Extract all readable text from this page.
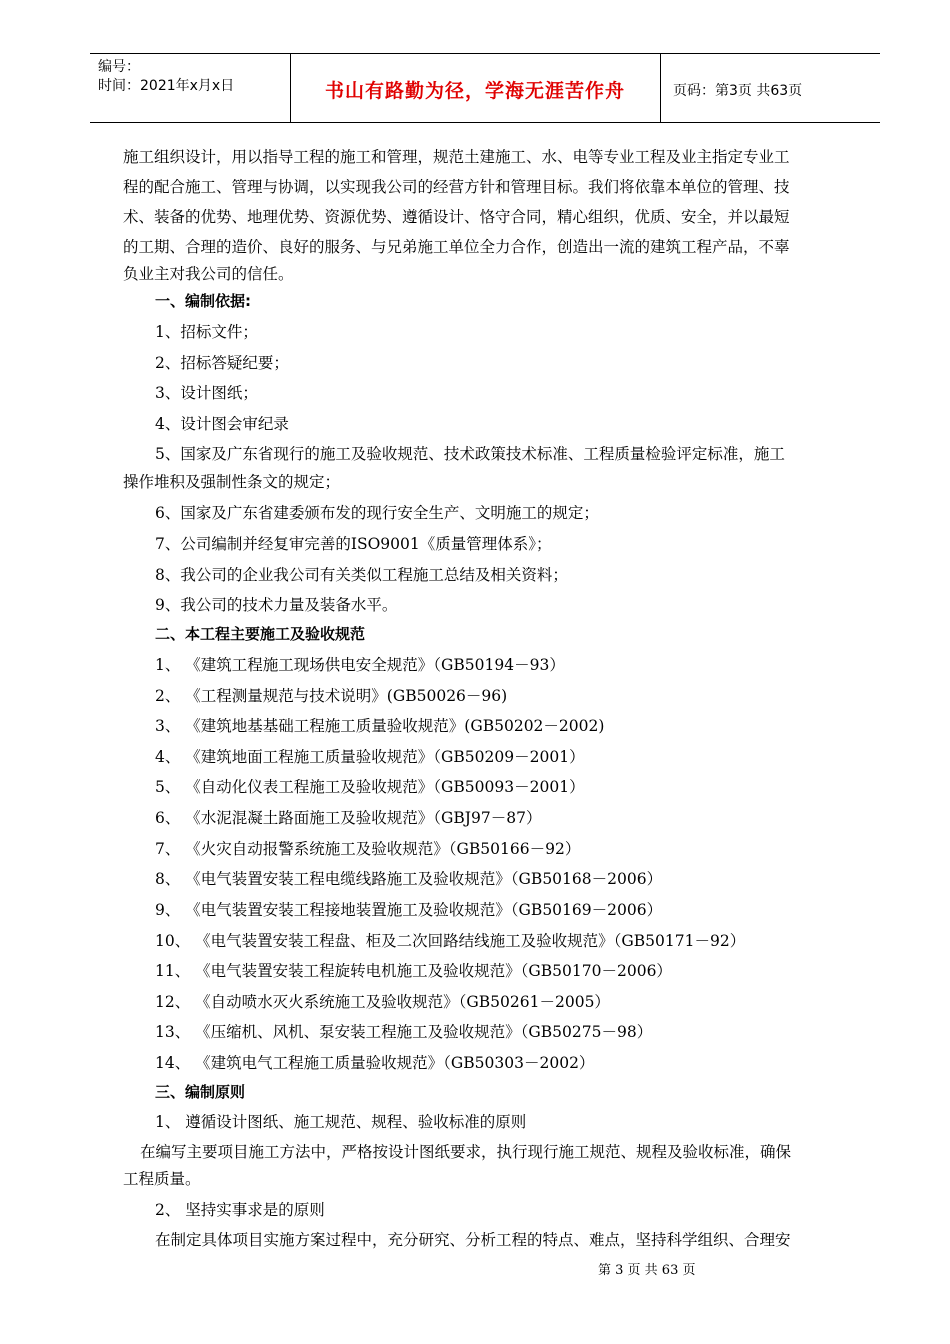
编号：
时间：2021年x月x日	书山有路勤为径，学海无涯苦作舟	页码：第3页 共63页
施工组织设计，用以指导工程的施工和管理，规范土建施工、水、电等专业工程及业主指定专业工
程的配合施工、管理与协调，以实现我公司的经营方针和管理目标。我们将依靠本单位的管理、技
术、装备的优势、地理优势、资源优势、遵循设计、恪守合同，精心组织，优质、安全，并以最短
的工期、合理的造价、良好的服务、与兄弟施工单位全力合作，创造出一流的建筑工程产品，不辜
负业主对我公司的信任。
一、编制依据:
1、招标文件；
2、招标答疑纪要；
3、设计图纸；
4、设计图会审纪录
5、国家及广东省现行的施工及验收规范、技术政策技术标准、工程质量检验评定标准，施工
操作堆积及强制性条文的规定；
6、国家及广东省建委颁布发的现行安全生产、文明施工的规定；
7、公司编制并经复审完善的ISO9001《质量管理体系》；
8、我公司的企业我公司有关类似工程施工总结及相关资料；
9、我公司的技术力量及装备水平。
二、本工程主要施工及验收规范
1、 《建筑工程施工现场供电安全规范》（GB50194－93）
2、 《工程测量规范与技术说明》(GB50026－96)
3、 《建筑地基基础工程施工质量验收规范》(GB50202－2002)
4、 《建筑地面工程施工质量验收规范》（GB50209－2001）
5、 《自动化仪表工程施工及验收规范》（GB50093－2001）
6、 《水泥混凝土路面施工及验收规范》（GBJ97－87）
7、 《火灾自动报警系统施工及验收规范》（GB50166－92）
8、 《电气装置安装工程电缆线路施工及验收规范》（GB50168－2006）
9、 《电气装置安装工程接地装置施工及验收规范》（GB50169－2006）
10、 《电气装置安装工程盘、柜及二次回路结线施工及验收规范》（GB50171－92）
11、 《电气装置安装工程旋转电机施工及验收规范》（GB50170－2006）
12、 《自动喷水灭火系统施工及验收规范》（GB50261－2005）
13、 《压缩机、风机、泵安装工程施工及验收规范》（GB50275－98）
14、 《建筑电气工程施工质量验收规范》（GB50303－2002）
三、编制原则
1、 遵循设计图纸、施工规范、规程、验收标准的原则
在编写主要项目施工方法中，严格按设计图纸要求，执行现行施工规范、规程及验收标准，确保
工程质量。
2、 坚持实事求是的原则
在制定具体项目实施方案过程中，充分研究、分析工程的特点、难点，坚持科学组织、合理安
第 3 页 共 63 页
